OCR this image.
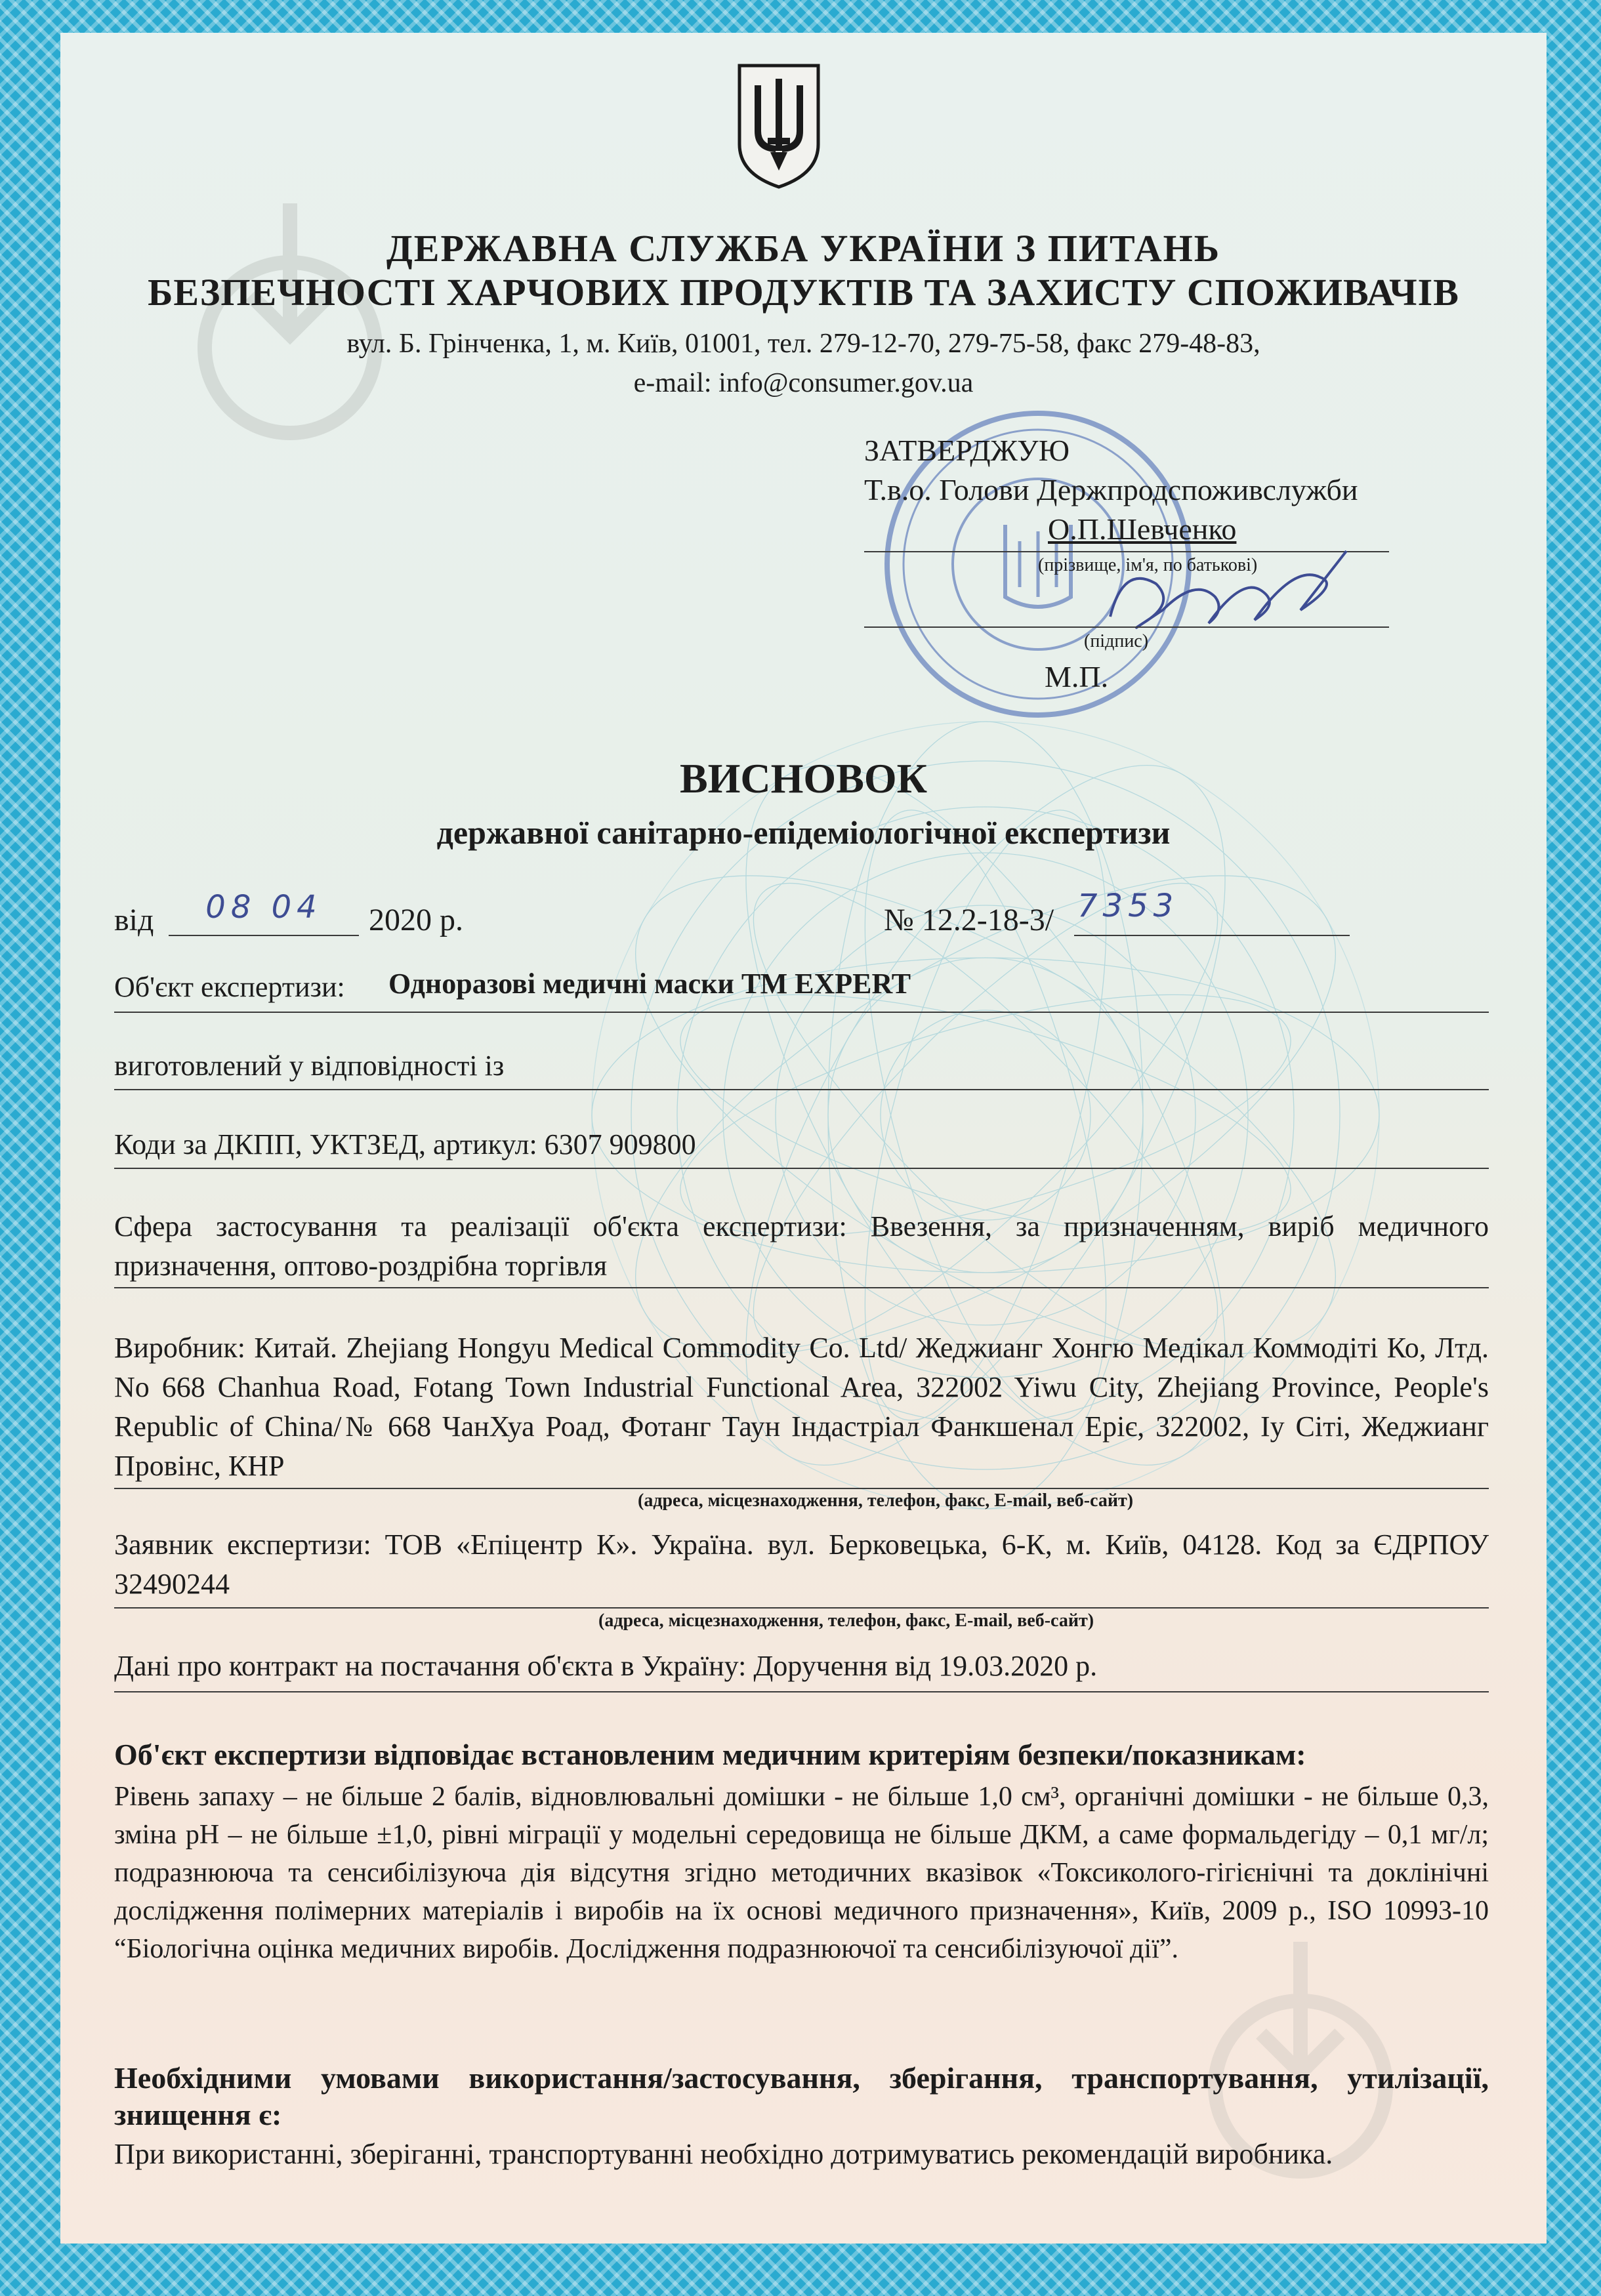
ДЕРЖАВНА СЛУЖБА УКРАЇНИ З ПИТАНЬ
БЕЗПЕЧНОСТІ ХАРЧОВИХ ПРОДУКТІВ ТА ЗАХИСТУ СПОЖИВАЧІВ
вул. Б. Грінченка, 1, м. Київ, 01001, тел. 279-12-70, 279-75-58, факс 279-48-83,
e-mail: info@consumer.gov.ua
ЗАТВЕРДЖУЮ
Т.в.о. Голови Держпродспоживслужби
О.П.Шевченко
(прізвище, ім'я, по батькові)
(підпис)
М.П.
ВИСНОВОК
державної санітарно-епідеміологічної експертизи
від	08 04	2020 р.	№ 12.2-18-3/ 7353
Об'єкт експертизи: Одноразові медичні маски ТМ EXPERT
виготовлений у відповідності із
Коди за ДКПП, УКТЗЕД, артикул: 6307 909800
Сфера застосування та реалізації об'єкта експертизи: Ввезення, за призначенням, виріб медичного призначення, оптово-роздрібна торгівля
Виробник: Китай. Zhejiang Hongyu Medical Commodity Co. Ltd/ Жеджианг Хонгю Медікал Коммодіті Ко, Лтд. No 668 Chanhua Road, Fotang Town Industrial Functional Area, 322002 Yiwu City, Zhejiang Province, People's Republic of China/№ 668 ЧанХуа Роад, Фотанг Таун Індастріал Фанкшенал Еріє, 322002, Іу Сіті, Жеджианг Провінс, КНР
(адреса, місцезнаходження, телефон, факс, E-mail, веб-сайт)
Заявник експертизи: ТОВ «Епіцентр К». Україна. вул. Берковецька, 6-К, м. Київ, 04128. Код за ЄДРПОУ 32490244
(адреса, місцезнаходження, телефон, факс, E-mail, веб-сайт)
Дані про контракт на постачання об'єкта в Україну: Доручення від 19.03.2020 р.
Об'єкт експертизи відповідає встановленим медичним критеріям безпеки/показникам:
Рівень запаху – не більше 2 балів, відновлювальні домішки - не більше 1,0 см³, органічні домішки - не більше 0,3, зміна pH – не більше ±1,0, рівні міграції у модельні середовища не більше ДКМ, а саме формальдегіду – 0,1 мг/л; подразнююча та сенсибілізуюча дія відсутня згідно методичних вказівок «Токсиколого-гігієнічні та доклінічні дослідження полімерних матеріалів і виробів на їх основі медичного призначення», Київ, 2009 р., ISO 10993-10 “Біологічна оцінка медичних виробів. Дослідження подразнюючої та сенсибілізуючої дії”.
Необхідними умовами використання/застосування, зберігання, транспортування, утилізації, знищення є:
При використанні, зберіганні, транспортуванні необхідно дотримуватись рекомендацій виробника.
